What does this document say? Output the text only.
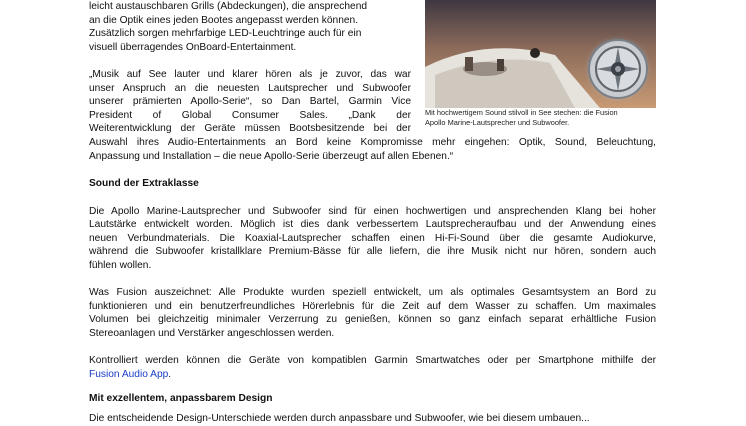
leicht austauschbaren Grills (Abdeckungen), die ansprechend

an die Optik eines jeden Bootes angepasst werden können.

Zusätzlich sorgen mehrfarbige LED-Leuchtringe auch für ein

visuell überragendes OnBoard-Entertainment.

„Musik auf See lauter und klarer hören als je zuvor, das war

unser Anspruch an die neuesten Lautsprecher und Subwoofer

unserer prämierten Apollo-Serie“, so Dan Bartel, Garmin Vice

President of Global Consumer Sales. „Dank der

Weiterentwicklung der Geräte müssen Bootsbesitzende bei der

Auswahl ihres Audio-Entertainments an Bord keine Kompromisse mehr eingehen: Optik, Sound, Beleuchtung,

Anpassung und Installation – die neue Apollo-Serie überzeugt auf allen Ebenen.“

Mit hochwertigem Sound stilvoll in See stechen: die Fusion

Apollo Marine-Lautsprecher und Subwoofer.

Sound der Extraklasse

Die Apollo Marine-Lautsprecher und Subwoofer sind für einen hochwertigen und ansprechenden Klang bei hoher

Lautstärke entwickelt worden. Möglich ist dies dank verbessertem Lautsprecheraufbau und der Anwendung eines

neuen Verbundmaterials. Die Koaxial-Lautsprecher schaffen einen Hi-Fi-Sound über die gesamte Audiokurve,

während die Subwoofer kristallklare Premium-Bässe für alle liefern, die ihre Musik nicht nur hören, sondern auch

fühlen wollen.

Was Fusion auszeichnet: Alle Produkte wurden speziell entwickelt, um als optimales Gesamtsystem an Bord zu

funktionieren und ein benutzerfreundliches Hörerlebnis für die Zeit auf dem Wasser zu schaffen. Um maximales

Volumen bei gleichzeitig minimaler Verzerrung zu genießen, können so ganz einfach separat erhältliche Fusion

Stereoanlagen und Verstärker angeschlossen werden.

Kontrolliert werden können die Geräte von kompatiblen Garmin Smartwatches oder per Smartphone mithilfe der

Fusion Audio App.

Mit exzellentem, anpassbarem Design

Die entscheidende Design-Unterschiede werden durch anpassbare und Subwoofer, wie bei diesem umbauen...
